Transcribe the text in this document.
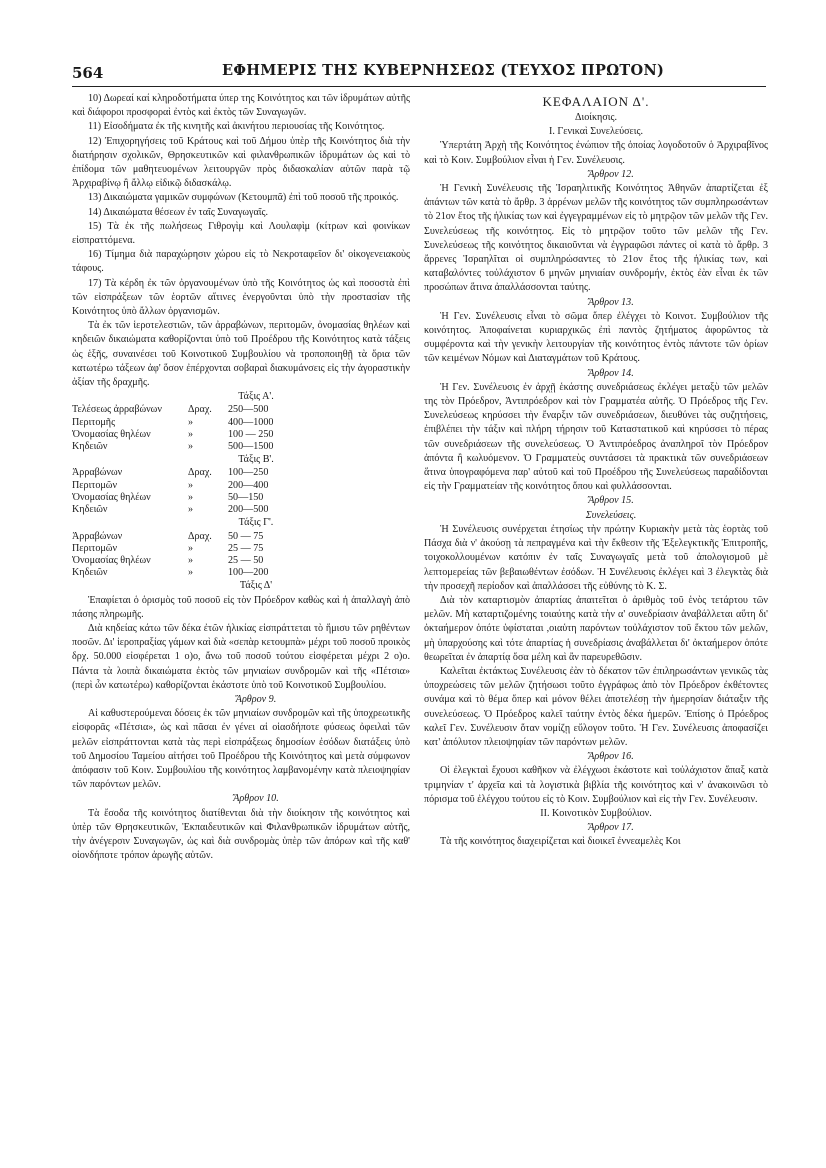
564	ΕΦΗΜΕΡΙΣ ΤΗΣ ΚΥΒΕΡΝΗΣΕΩΣ (ΤΕΥΧΟΣ ΠΡΩΤΟΝ)

10) Δωρεαί καί κληροδοτήματα ύπερ της Κοινότητος και τῶν ἱδρυμάτων αὐτῆς καὶ διάφοροι προσφοραὶ ἐντὸς καὶ ἐκτὸς τῶν Συναγωγῶν.

11) Εἰσοδήματα ἐκ τῆς κινητῆς καὶ ἀκινήτου περιουσίας τῆς Κοινότητος.

12) Ἐπιχορηγήσεις τοῦ Κράτους καὶ τοῦ Δήμου ὑπὲρ τῆς Κοινότητος διὰ τὴν διατήρησιν σχολικῶν, Θρησκευτικῶν καὶ φιλανθρωπικῶν ἱδρυμάτων ὡς καὶ τὸ ἐπίδομα τῶν μαθητευομένων λειτουργῶν πρὸς διδασκαλίαν αὐτῶν παρὰ τῷ Ἀρχιραβίνῳ ἢ ἄλλῳ εἰδικῷ διδασκάλῳ.

13) Δικαιώματα γαμικῶν συμφώνων (Κετουμπᾶ) ἐπὶ τοῦ ποσοῦ τῆς προικός.

14) Δικαιώματα θέσεων ἐν ταῖς Συναγωγαῖς.

15) Τὰ ἐκ τῆς πωλήσεως Γιθρογὶμ καὶ Λουλαφὶμ (κίτρων καὶ φοινίκων εἰσπραττόμενα.

16) Τίμημα διὰ παραχώρησιν χώρου εἰς τὸ Νεκροταφεῖον δι' οἰκογενειακοὺς τάφους.

17) Τὰ κέρδη ἐκ τῶν ὀργανουμένων ὑπὸ τῆς Κοινότητος ὡς καὶ ποσοστὰ ἐπὶ τῶν εἰσπράξεων τῶν ἑορτῶν αἵτινες ἐνεργοῦνται ὑπὸ τὴν προστασίαν τῆς Κοινότητος ὑπὸ ἄλλων ὀργανισμῶν.

Τὰ ἐκ τῶν ἱεροτελεστιῶν, τῶν ἀρραβώνων, περιτομῶν, ὀνομασίας θηλέων καὶ κηδειῶν δικαιώματα καθορίζονται ὑπὸ τοῦ Προέδρου τῆς Κοινότητος κατὰ τάξεις ὡς ἑξῆς, συναινέσει τοῦ Κοινοτικοῦ Συμβουλίου νὰ τροποποιηθῇ τὰ ὅρια τῶν κατωτέρω τάξεων ἀφ' ὅσον ἐπέρχονται σοβαραὶ διακυμάνσεις εἰς τὴν ἀγοραστικὴν ἀξίαν τῆς δραχμῆς.

Τάξις Α'.

Τελέσεως ἀρραβώνων	Δραχ.	250—500
Περιτομῆς	»	400—1000
Ὀνομασίας θηλέων	»	100 — 250
Κηδειῶν	»	500—1500

Τάξις Β'.

Ἀρραβώνων	Δραχ.	100—250
Περιτομῶν	»	200—400
Ὀνομασίας θηλέων	»	50—150
Κηδειῶν	»	200—500

Τάξις Γ'.

Ἀρραβώνων	Δραχ.	50 — 75
Περιτομῶν	»	25 — 75
Ὀνομασίας θηλέων	»	25 — 50
Κηδειῶν	»	100—200

Τάξις Δ'

Ἐπαφίεται ὁ ὁρισμὸς τοῦ ποσοῦ εἰς τὸν Πρόεδρον καθὼς καὶ ἡ ἀπαλλαγὴ ἀπὸ πάσης πληρωμῆς.

Διὰ κηδείας κάτω τῶν δέκα ἐτῶν ἡλικίας εἰσπράττεται τὸ ἥμισυ τῶν ρηθέντων ποσῶν. Δι' ἱεροπραξίας γάμων καὶ διὰ «σεπὰρ κετουμπὰ» μέχρι τοῦ ποσοῦ προικὸς δρχ. 50.000 εἰσφέρεται 1 ο)ο, ἄνω τοῦ ποσοῦ τούτου εἰσφέρεται μέχρι 2 ο)ο. Πάντα τὰ λοιπὰ δικαιώματα ἐκτὸς τῶν μηνιαίων συνδρομῶν καὶ τῆς «Πέτσια» (περὶ ὧν κατωτέρω) καθορίζονται ἑκάστοτε ὑπὸ τοῦ Κοινοτικοῦ Συμβουλίου.

Ἄρθρον 9.

Αἱ καθυστερούμεναι δόσεις ἐκ τῶν μηνιαίων συνδρομῶν καὶ τῆς ὑποχρεωτικῆς εἰσφορᾶς «Πέτσια», ὡς καὶ πᾶσαι ἐν γένει αἱ οἱασδήποτε φύσεως ὀφειλαὶ τῶν μελῶν εἰσπράττονται κατὰ τὰς περὶ εἰσπράξεως δημοσίων ἐσόδων διατάξεις ὑπὸ τοῦ Δημοσίου Ταμείου αἰτήσει τοῦ Προέδρου τῆς Κοινότητος καὶ μετὰ σύμφωνον ἀπόφασιν τοῦ Κοιν. Συμβουλίου τῆς κοινότητος λαμβανομένην κατὰ πλειοψηφίαν τῶν παρόντων μελῶν.

Ἄρθρον 10.

Τὰ ἔσοδα τῆς κοινότητος διατίθενται διὰ τὴν διοίκησιν τῆς κοινότητος καὶ ὑπὲρ τῶν Θρησκευτικῶν, Ἐκπαιδευτικῶν καὶ Φιλανθρωπικῶν ἱδρυμάτων αὐτῆς, τὴν ἀνέγερσιν Συναγωγῶν, ὡς καὶ διὰ συνδρομὰς ὑπὲρ τῶν ἀπόρων καὶ τῆς καθ' οἱονδήποτε τρόπον ἀρωγῆς αὐτῶν.

ΚΕΦΑΛΑΙΟΝ Δ'.

Διοίκησις.

Ι. Γενικαὶ Συνελεύσεις.

Ὑπερτάτη Ἀρχὴ τῆς Κοινότητος ἐνώπιον τῆς ὁποίας λογοδοτοῦν ὁ Ἀρχιραβῖνος καὶ τὸ Κοιν. Συμβούλιον εἶναι ἡ Γεν. Συνέλευσις.

Ἄρθρον 12.

Ἡ Γενικὴ Συνέλευσις τῆς Ἰσραηλιτικῆς Κοινότητος Ἀθηνῶν ἀπαρτίζεται ἐξ ἁπάντων τῶν κατὰ τὸ ἄρθρ. 3 ἀρρένων μελῶν τῆς κοινότητος τῶν συμπληρωσάντων τὸ 21ον ἔτος τῆς ἡλικίας των καὶ ἐγγεγραμμένων εἰς τὸ μητρῷον τῶν μελῶν τῆς Γεν. Συνελεύσεως τῆς κοινότητος. Εἰς τὸ μητρῷον τοῦτο τῶν μελῶν τῆς Γεν. Συνελεύσεως τῆς κοινότητος δικαιοῦνται νὰ ἐγγραφῶσι πάντες οἱ κατὰ τὸ ἄρθρ. 3 ἄρρενες Ἰσραηλῖται οἱ συμπληρώσαντες τὸ 21ον ἔτος τῆς ἡλικίας των, καὶ καταβαλόντες τοὐλάχιστον 6 μηνῶν μηνιαίαν συνδρομήν, ἐκτὸς ἐὰν εἶναι ἐκ τῶν προσώπων ἅτινα ἀπαλλάσσονται ταύτης.

Ἄρθρον 13.

Ἡ Γεν. Συνέλευσις εἶναι τὸ σῶμα ὅπερ ἐλέγχει τὸ Κοινοτ. Συμβούλιον τῆς κοινότητος. Ἀποφαίνεται κυριαρχικῶς ἐπὶ παντὸς ζητήματος ἀφορῶντος τὰ συμφέροντα καὶ τὴν γενικὴν λειτουργίαν τῆς κοινότητος ἐντὸς πάντοτε τῶν ὁρίων τῶν κειμένων Νόμων καὶ Διαταγμάτων τοῦ Κράτους.

Ἄρθρον 14.

Ἡ Γεν. Συνέλευσις ἐν ἀρχῇ ἑκάστης συνεδριάσεως ἐκλέγει μεταξὺ τῶν μελῶν της τὸν Πρόεδρον, Ἀντιπρόεδρον καὶ τὸν Γραμματέα αὐτῆς. Ὁ Πρόεδρος τῆς Γεν. Συνελεύσεως κηρύσσει τὴν ἔναρξιν τῶν συνεδριάσεων, διευθύνει τὰς συζητήσεις, ἐπιβλέπει τὴν τάξιν καὶ πλήρη τήρησιν τοῦ Καταστατικοῦ καὶ κηρύσσει τὸ πέρας τῶν συνεδριάσεων τῆς συνελεύσεως. Ὁ Ἀντιπρόεδρος ἀναπληροῖ τὸν Πρόεδρον ἀπόντα ἢ κωλυόμενον. Ὁ Γραμματεὺς συντάσσει τὰ πρακτικὰ τῶν συνεδριάσεων ἅτινα ὑπογραφόμενα παρ' αὐτοῦ καὶ τοῦ Προέδρου τῆς Συνελεύσεως παραδίδονται εἰς τὴν Γραμματείαν τῆς κοινότητος ὅπου καὶ φυλλάσσονται.

Ἄρθρον 15.

Συνελεύσεις.

Ἡ Συνέλευσις συνέρχεται ἐτησίως τὴν πρώτην Κυριακὴν μετὰ τὰς ἑορτὰς τοῦ Πάσχα διὰ ν' ἀκούσῃ τὰ πεπραγμένα καὶ τὴν ἔκθεσιν τῆς Ἐξελεγκτικῆς Ἐπιτροπῆς, τοιχοκολλουμένων κατόπιν ἐν ταῖς Συναγωγαῖς μετὰ τοῦ ἀπολογισμοῦ μὲ λεπτομερείας τῶν βεβαιωθέντων ἐσόδων. Ἡ Συνέλευσις ἐκλέγει καὶ 3 ἐλεγκτὰς διὰ τὴν προσεχῆ περίοδον καὶ ἀπαλλάσσει τῆς εὐθύνης τὸ Κ. Σ.

Διὰ τὸν καταρτισμὸν ἀπαρτίας ἀπαιτεῖται ὁ ἀριθμὸς τοῦ ἑνὸς τετάρτου τῶν μελῶν. Μὴ καταρτιζομένης τοιαύτης κατὰ τὴν α' συνεδρίασιν ἀναβάλλεται αὕτη δι' ὀκταήμερον ὁπότε ὑφίσταται ,οιαὑτη παρόντων τοὐλάχιστον τοῦ ἕκτου τῶν μελῶν, μὴ ὑπαρχούσης καὶ τότε ἀπαρτίας ἡ συνεδρίασις ἀναβάλλεται δι' ὀκταήμερον ὁπότε θεωρεῖται ἐν ἀπαρτίᾳ ὅσα μέλη καὶ ἂν παρευρεθῶσιν.

Καλεῖται ἐκτάκτως Συνέλευσις ἐὰν τὸ δέκατον τῶν ἐπιληρωσάντων γενικῶς τὰς ὑποχρεώσεις τῶν μελῶν ζητήσωσι τοῦτο ἐγγράφως ἀπὸ τὸν Πρόεδρον ἐκθέτοντες συνάμα καὶ τὸ θέμα ὅπερ καὶ μόνον θέλει ἀποτελέσῃ τὴν ἡμερησίαν διάταξιν τῆς συνελεύσεως. Ὁ Πρόεδρος καλεῖ ταύτην ἐντὸς δέκα ἡμερῶν. Ἐπίσης ὁ Πρόεδρος καλεῖ Γεν. Συνέλευσιν ὅταν νομίζῃ εὔλογον τοῦτο. Ἡ Γεν. Συνέλευσις ἀποφασίζει κατ' ἀπόλυτον πλειοψηφίαν τῶν παρόντων μελῶν.

Ἄρθρον 16.

Οἱ ἐλεγκταὶ ἔχουσι καθῆκον νὰ ἐλέγχωσι ἑκάστοτε καὶ τοὐλάχιστον ἅπαξ κατὰ τριμηνίαν τ' ἀρχεῖα καὶ τὰ λογιστικὰ βιβλία τῆς κοινότητος καὶ ν' ἀνακοινῶσι τὸ πόρισμα τοῦ ἐλέγχου τούτου εἰς τὸ Κοιν. Συμβούλιον καὶ εἰς τὴν Γεν. Συνέλευσιν.

ΙΙ. Κοινοτικὸν Συμβούλιον.

Ἄρθρον 17.

Τὰ τῆς κοινότητος διαχειρίζεται καὶ διοικεῖ ἐννεαμελὲς Κοι
